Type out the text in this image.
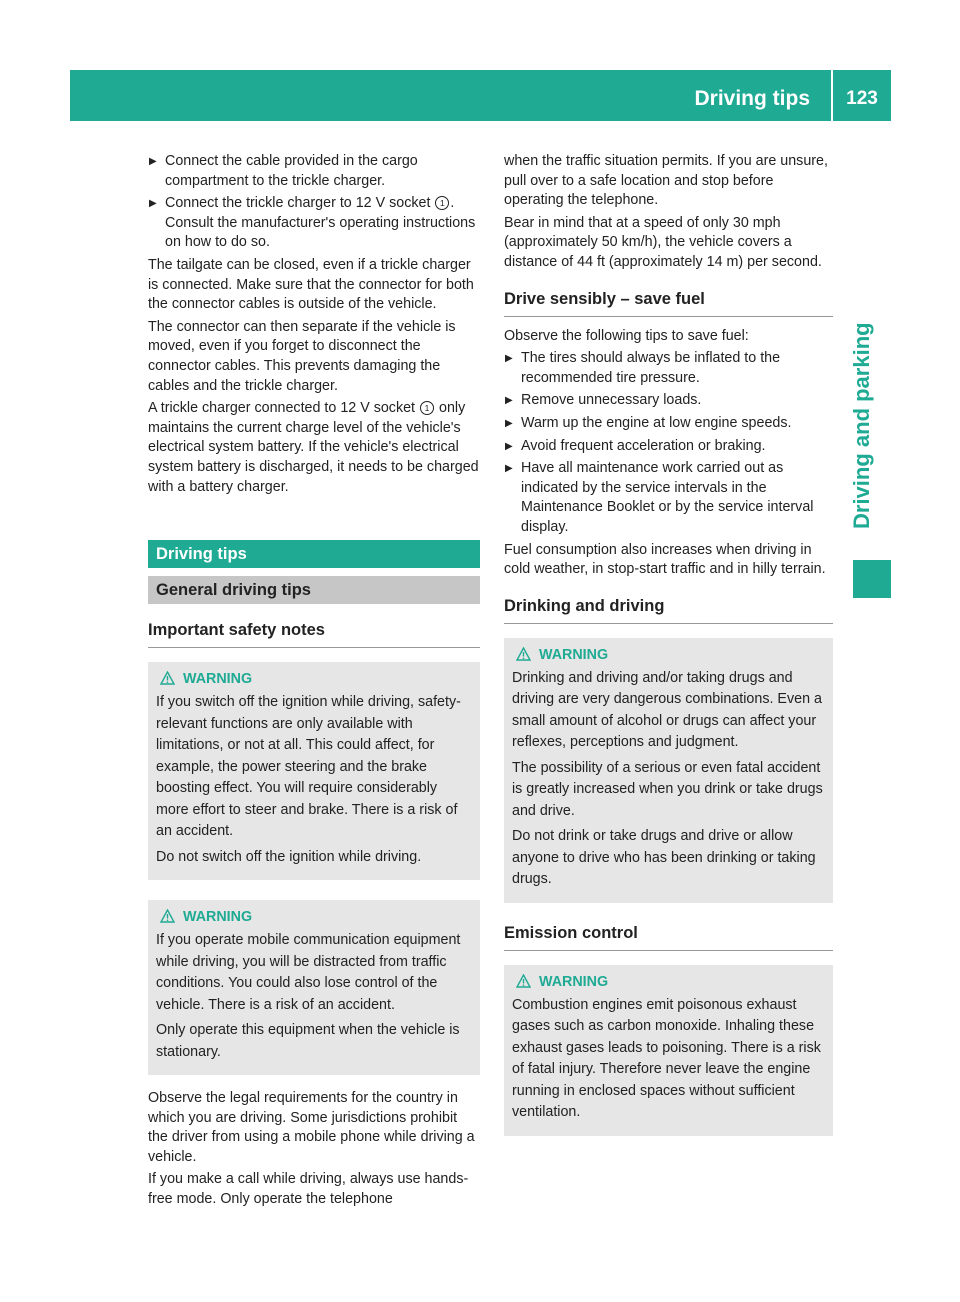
Driving tips	123
Driving and parking
▶ Connect the cable provided in the cargo compartment to the trickle charger.
▶ Connect the trickle charger to 12 V socket 1 . Consult the manufacturer's operating instructions on how to do so.

The tailgate can be closed, even if a trickle charger is connected. Make sure that the connector for both the connector cables is outside of the vehicle.

The connector can then separate if the vehicle is moved, even if you forget to disconnect the connector cables. This prevents damaging the cables and the trickle charger.

A trickle charger connected to 12 V socket 1 only maintains the current charge level of the vehicle's electrical system battery. If the vehicle's electrical system battery is discharged, it needs to be charged with a battery charger.

Driving tips
General driving tips
Important safety notes
WARNING

If you switch off the ignition while driving, safety-relevant functions are only available with limitations, or not at all. This could affect, for example, the power steering and the brake boosting effect. You will require considerably more effort to steer and brake. There is a risk of an accident.

Do not switch off the ignition while driving.

WARNING

If you operate mobile communication equipment while driving, you will be distracted from traffic conditions. You could also lose control of the vehicle. There is a risk of an accident.

Only operate this equipment when the vehicle is stationary.

Observe the legal requirements for the country in which you are driving. Some jurisdictions prohibit the driver from using a mobile phone while driving a vehicle.

If you make a call while driving, always use hands-free mode. Only operate the telephone

when the traffic situation permits. If you are unsure, pull over to a safe location and stop before operating the telephone.

Bear in mind that at a speed of only 30 mph (approximately 50 km/h), the vehicle covers a distance of 44 ft (approximately 14 m) per second.

Drive sensibly – save fuel

Observe the following tips to save fuel:

▶ The tires should always be inflated to the recommended tire pressure.
▶ Remove unnecessary loads.
▶ Warm up the engine at low engine speeds.
▶ Avoid frequent acceleration or braking.
▶ Have all maintenance work carried out as indicated by the service intervals in the Maintenance Booklet or by the service interval display.

Fuel consumption also increases when driving in cold weather, in stop-start traffic and in hilly terrain.

Drinking and driving
WARNING

Drinking and driving and/or taking drugs and driving are very dangerous combinations. Even a small amount of alcohol or drugs can affect your reflexes, perceptions and judgment.

The possibility of a serious or even fatal accident is greatly increased when you drink or take drugs and drive.

Do not drink or take drugs and drive or allow anyone to drive who has been drinking or taking drugs.

Emission control
WARNING

Combustion engines emit poisonous exhaust gases such as carbon monoxide. Inhaling these exhaust gases leads to poisoning. There is a risk of fatal injury. Therefore never leave the engine running in enclosed spaces without sufficient ventilation.
